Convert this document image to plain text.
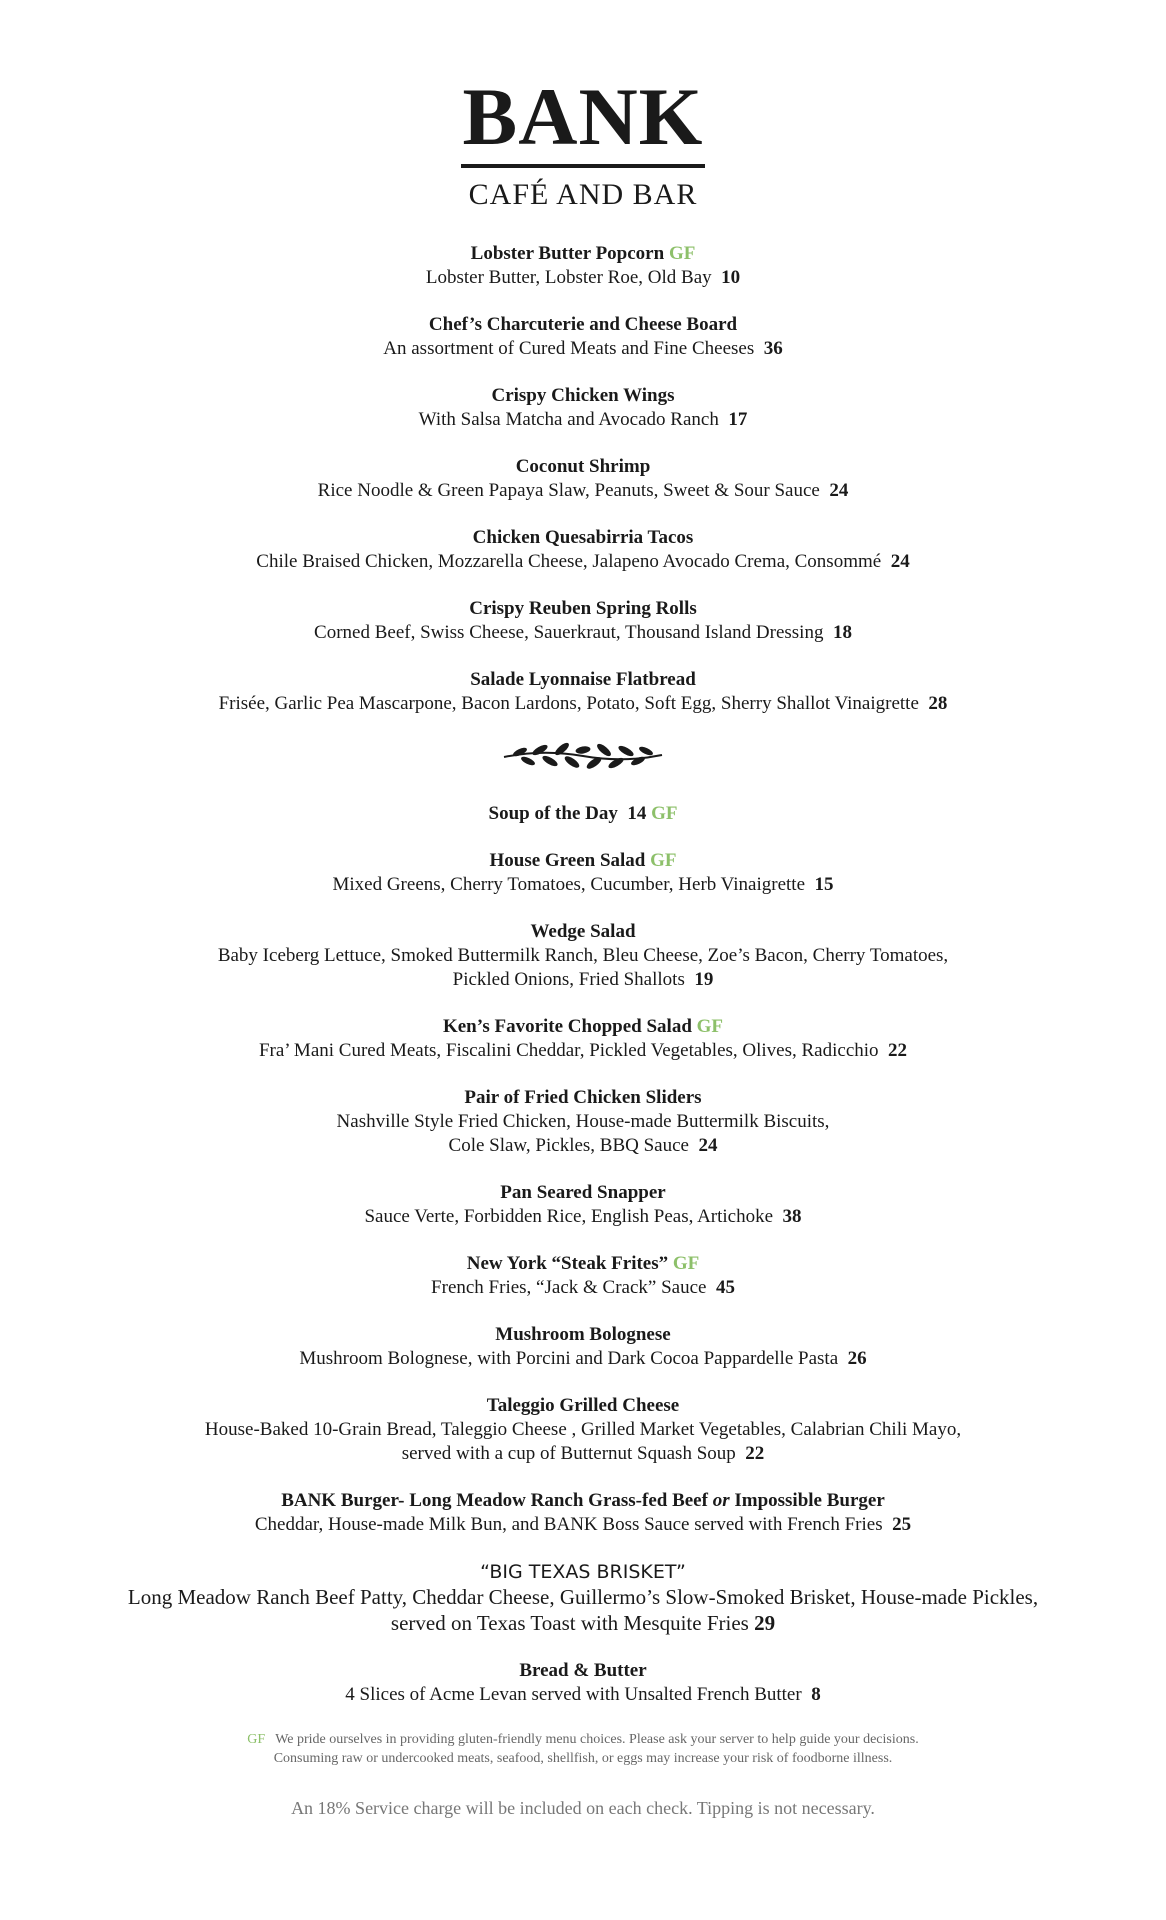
BANK
CAFÉ AND BAR
Lobster Butter Popcorn GF
Lobster Butter, Lobster Roe, Old Bay 10
Chef’s Charcuterie and Cheese Board
An assortment of Cured Meats and Fine Cheeses 36
Crispy Chicken Wings
With Salsa Matcha and Avocado Ranch 17
Coconut Shrimp
Rice Noodle & Green Papaya Slaw, Peanuts, Sweet & Sour Sauce 24
Chicken Quesabirria Tacos
Chile Braised Chicken, Mozzarella Cheese, Jalapeno Avocado Crema, Consommé 24
Crispy Reuben Spring Rolls
Corned Beef, Swiss Cheese, Sauerkraut, Thousand Island Dressing 18
Salade Lyonnaise Flatbread
Frisée, Garlic Pea Mascarpone, Bacon Lardons, Potato, Soft Egg, Sherry Shallot Vinaigrette 28
Soup of the Day 14 GF
House Green Salad GF
Mixed Greens, Cherry Tomatoes, Cucumber, Herb Vinaigrette 15
Wedge Salad
Baby Iceberg Lettuce, Smoked Buttermilk Ranch, Bleu Cheese, Zoe’s Bacon, Cherry Tomatoes,
Pickled Onions, Fried Shallots 19
Ken’s Favorite Chopped Salad GF
Fra’ Mani Cured Meats, Fiscalini Cheddar, Pickled Vegetables, Olives, Radicchio 22
Pair of Fried Chicken Sliders
Nashville Style Fried Chicken, House-made Buttermilk Biscuits,
Cole Slaw, Pickles, BBQ Sauce 24
Pan Seared Snapper
Sauce Verte, Forbidden Rice, English Peas, Artichoke 38
New York “Steak Frites” GF
French Fries, “Jack & Crack” Sauce 45
Mushroom Bolognese
Mushroom Bolognese, with Porcini and Dark Cocoa Pappardelle Pasta 26
Taleggio Grilled Cheese
House-Baked 10-Grain Bread, Taleggio Cheese , Grilled Market Vegetables, Calabrian Chili Mayo,
served with a cup of Butternut Squash Soup 22
BANK Burger- Long Meadow Ranch Grass-fed Beef or Impossible Burger
Cheddar, House-made Milk Bun, and BANK Boss Sauce served with French Fries 25
“BIG TEXAS BRISKET”
Long Meadow Ranch Beef Patty, Cheddar Cheese, Guillermo’s Slow-Smoked Brisket, House-made Pickles,
served on Texas Toast with Mesquite Fries 29
Bread & Butter
4 Slices of Acme Levan served with Unsalted French Butter 8
GF We pride ourselves in providing gluten-friendly menu choices. Please ask your server to help guide your decisions.
Consuming raw or undercooked meats, seafood, shellfish, or eggs may increase your risk of foodborne illness.
An 18% Service charge will be included on each check. Tipping is not necessary.
